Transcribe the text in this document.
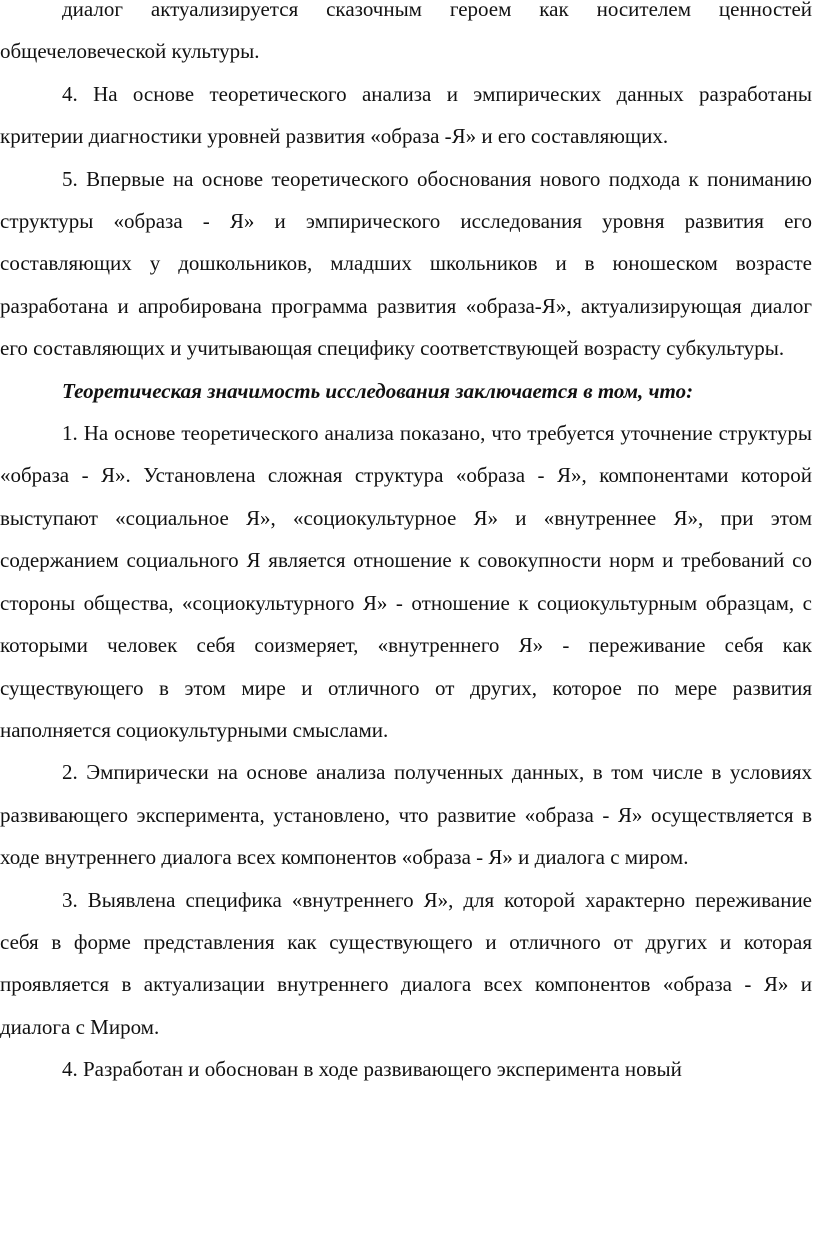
диалог актуализируется сказочным героем как носителем ценностей общечеловеческой культуры.

4. На основе теоретического анализа и эмпирических данных разработаны критерии диагностики уровней развития «образа -Я» и его составляющих.

5. Впервые на основе теоретического обоснования нового подхода к пониманию структуры «образа - Я» и эмпирического исследования уровня развития его составляющих у дошкольников, младших школьников и в юношеском возрасте разработана и апробирована программа развития «образа-Я», актуализирующая диалог его составляющих и учитывающая специфику соответствующей возрасту субкультуры.

Теоретическая значимость исследования заключается в том, что:

1. На основе теоретического анализа показано, что требуется уточнение структуры «образа - Я». Установлена сложная структура «образа - Я», компонентами которой выступают «социальное Я», «социокультурное Я» и «внутреннее Я», при этом содержанием социального Я является отношение к совокупности норм и требований со стороны общества, «социокультурного Я» - отношение к социокультурным образцам, с которыми человек себя соизмеряет, «внутреннего Я» - переживание себя как существующего в этом мире и отличного от других, которое по мере развития наполняется социокультурными смыслами.

2. Эмпирически на основе анализа полученных данных, в том числе в условиях развивающего эксперимента, установлено, что развитие «образа - Я» осуществляется в ходе внутреннего диалога всех компонентов «образа - Я» и диалога с миром.

3. Выявлена специфика «внутреннего Я», для которой характерно переживание себя в форме представления как существующего и отличного от других и которая проявляется в актуализации внутреннего диалога всех компонентов «образа - Я» и диалога с Миром.

4. Разработан и обоснован в ходе развивающего эксперимента новый
